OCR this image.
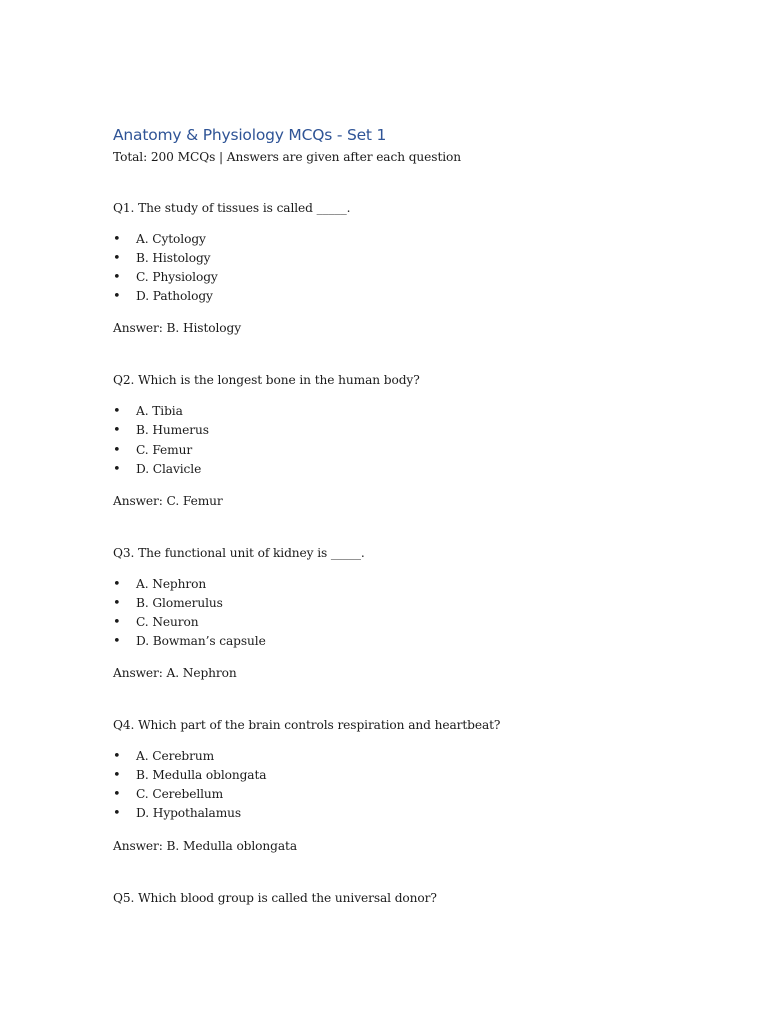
Anatomy & Physiology MCQs - Set 1

Total: 200 MCQs | Answers are given after each question

Q1. The study of tissues is called _____.

• A. Cytology
• B. Histology
• C. Physiology
• D. Pathology

Answer: B. Histology

Q2. Which is the longest bone in the human body?

• A. Tibia
• B. Humerus
• C. Femur
• D. Clavicle

Answer: C. Femur

Q3. The functional unit of kidney is _____.

• A. Nephron
• B. Glomerulus
• C. Neuron
• D. Bowman’s capsule

Answer: A. Nephron

Q4. Which part of the brain controls respiration and heartbeat?

• A. Cerebrum
• B. Medulla oblongata
• C. Cerebellum
• D. Hypothalamus

Answer: B. Medulla oblongata

Q5. Which blood group is called the universal donor?
